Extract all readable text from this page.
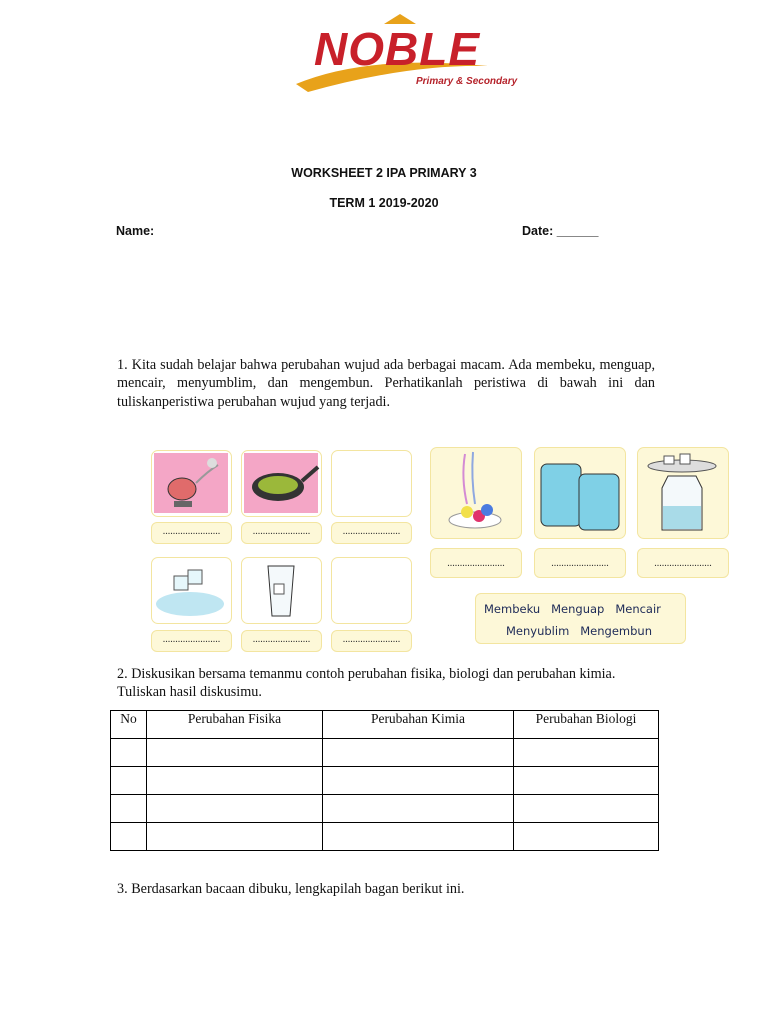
NOBLE
Primary & Secondary
WORKSHEET 2 IPA PRIMARY 3
TERM 1 2019-2020
Name:	Date: ______
1. Kita sudah belajar bahwa perubahan wujud ada berbagai macam. Ada membeku, menguap, mencair, menyumblim, dan mengembun. Perhatikanlah peristiwa di bawah ini dan tuliskanperistiwa perubahan wujud yang terjadi.
.......................	.......................	.......................
.......................	.......................	.......................
.......................	.......................	.......................
Membeku   Menguap   Mencair
Menyublim   Mengembun
2. Diskusikan bersama temanmu contoh perubahan fisika, biologi dan perubahan kimia. Tuliskan hasil diskusimu.
No	Perubahan Fisika	Perubahan Kimia	Perubahan Biologi

3. Berdasarkan bacaan dibuku, lengkapilah bagan berikut ini.
